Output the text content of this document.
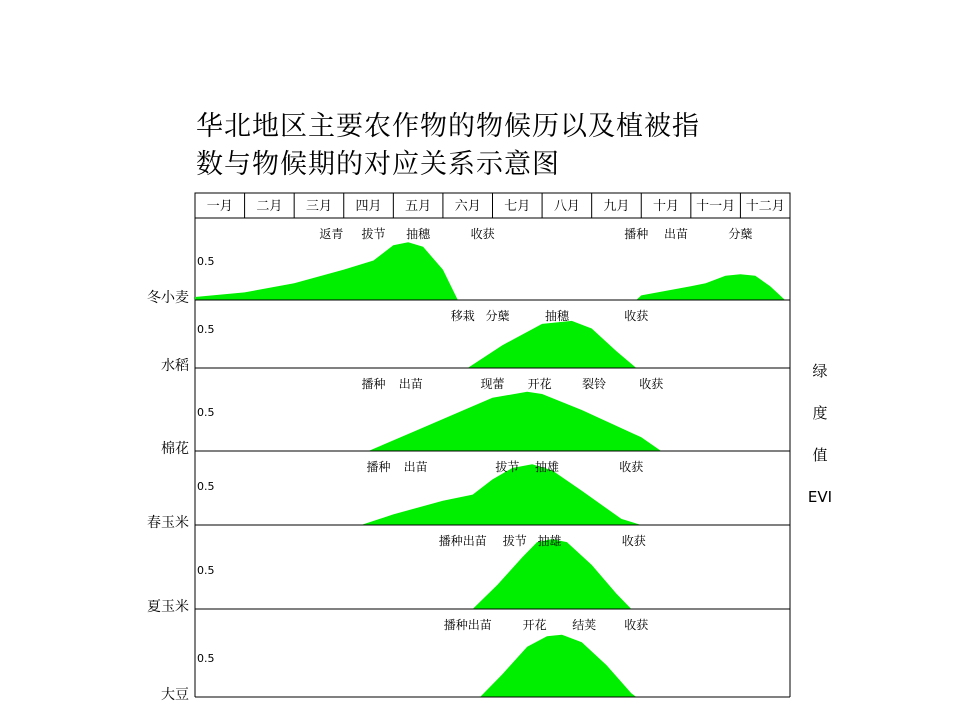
华北地区主要农作物的物候历以及植被指
数与物候期的对应关系示意图
冬小麦
0.5
返青 拔节 抽穗	收获	播种 出苗	分蘖
水稻
0.5
移栽 分蘖	抽穗	收获
棉花
0.5
播种 出苗	现蕾 开花	裂铃	收获
春玉米
0.5
播种 出苗	拔节 抽雄	收获
夏玉米
0.5
播种出苗 拔节 抽雄	收获
大豆
0.5
播种出苗	开花 结荚 收获
一月 二月 三月 四月 五月 六月 七月 八月 九月 十月 十一月 十二月
绿
度
值
EVI
